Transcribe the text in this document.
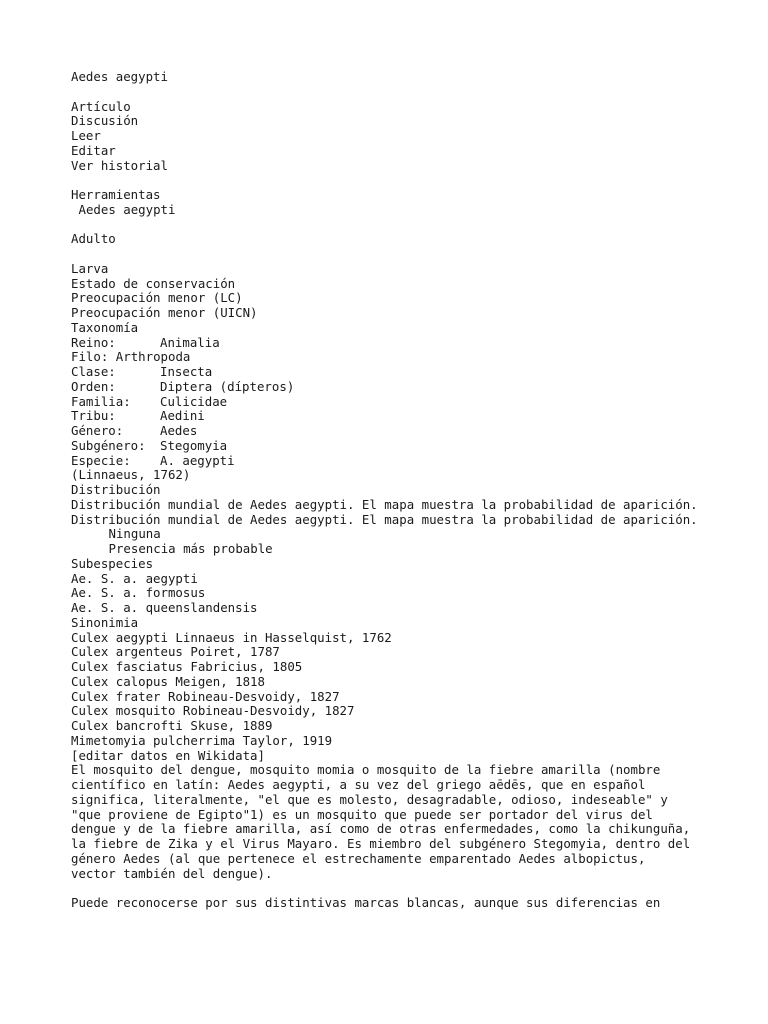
Aedes aegypti
Artículo
Discusión
Leer
Editar
Ver historial
Herramientas
Aedes aegypti
Adulto
Larva
Estado de conservación
Preocupación menor (LC)
Preocupación menor (UICN)
Taxonomía
Reino:	Animalia
Filo: Arthropoda
Clase:	Insecta
Orden:	Diptera (dípteros)
Familia:	Culicidae
Tribu:	Aedini
Género:	Aedes
Subgénero:	Stegomyia
Especie:	A. aegypti
(Linnaeus, 1762)
Distribución
Distribución mundial de Aedes aegypti. El mapa muestra la probabilidad de aparición.
Distribución mundial de Aedes aegypti. El mapa muestra la probabilidad de aparición.
Ninguna
Presencia más probable
Subespecies
Ae. S. a. aegypti
Ae. S. a. formosus
Ae. S. a. queenslandensis
Sinonimia
Culex aegypti Linnaeus in Hasselquist, 1762
Culex argenteus Poiret, 1787
Culex fasciatus Fabricius, 1805
Culex calopus Meigen, 1818
Culex frater Robineau-Desvoidy, 1827
Culex mosquito Robineau-Desvoidy, 1827
Culex bancrofti Skuse, 1889
Mimetomyia pulcherrima Taylor, 1919
[editar datos en Wikidata]
El mosquito del dengue, mosquito momia o mosquito de la fiebre amarilla (nombre
científico en latín: Aedes aegypti, a su vez del griego aēdēs, que en español
significa, literalmente, "el que es molesto, desagradable, odioso, indeseable" y
"que proviene de Egipto"1) es un mosquito que puede ser portador del virus del
dengue y de la fiebre amarilla, así como de otras enfermedades, como la chikunguña,
la fiebre de Zika y el Virus Mayaro. Es miembro del subgénero Stegomyia, dentro del
género Aedes (al que pertenece el estrechamente emparentado Aedes albopictus,
vector también del dengue).
Puede reconocerse por sus distintivas marcas blancas, aunque sus diferencias en
